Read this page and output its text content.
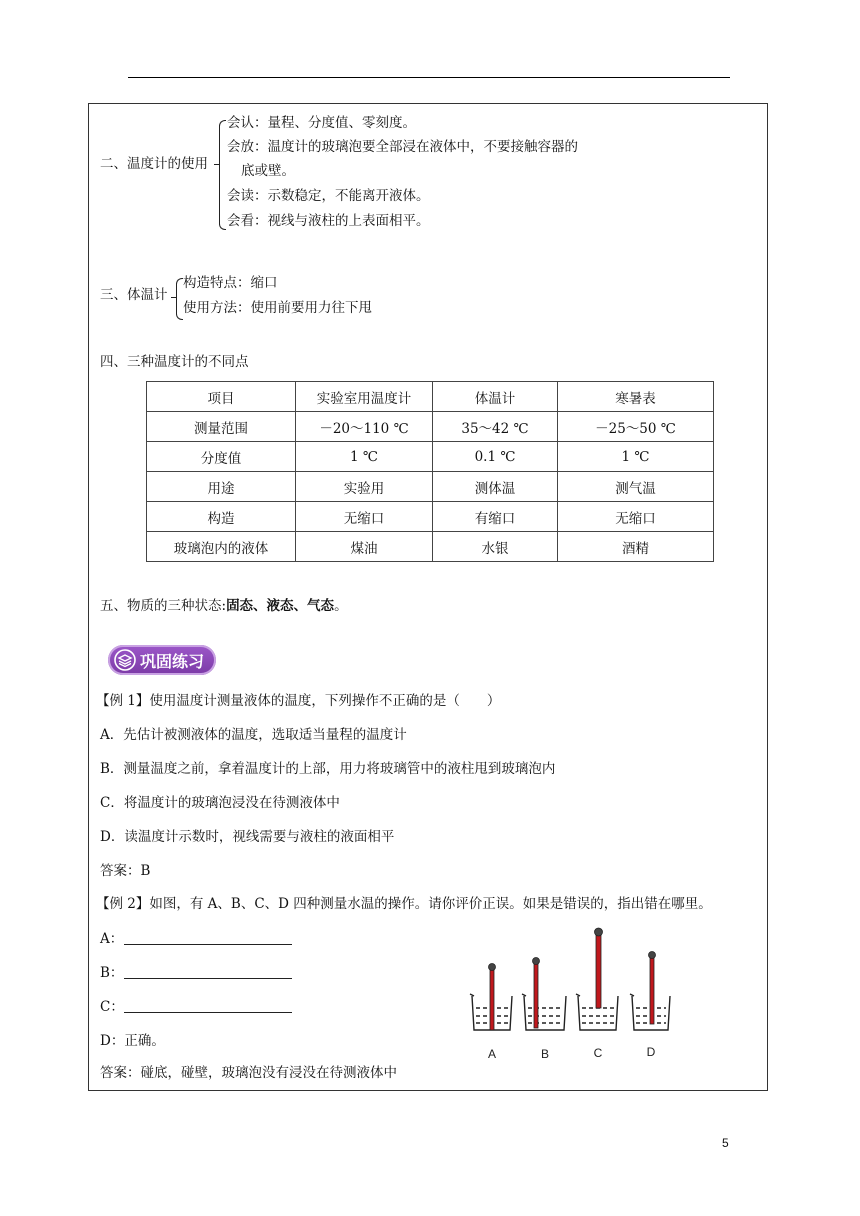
二、温度计的使用
会认：量程、分度值、零刻度。
会放：温度计的玻璃泡要全部浸在液体中，不要接触容器的
底或壁。
会读：示数稳定，不能离开液体。
会看：视线与液柱的上表面相平。
三、体温计
构造特点：缩口
使用方法：使用前要用力往下甩
四、三种温度计的不同点
项目	实验室用温度计	体温计	寒暑表
测量范围	－20～110 ℃	35～42 ℃	－25～50 ℃
分度值	1 ℃	0.1 ℃	1 ℃
用途	实验用	测体温	测气温
构造	无缩口	有缩口	无缩口
玻璃泡内的液体	煤油	水银	酒精
五、物质的三种状态:固态、液态、气态。
巩固练习
【例 1】使用温度计测量液体的温度，下列操作不正确的是（　　）
A．先估计被测液体的温度，选取适当量程的温度计
B．测量温度之前，拿着温度计的上部，用力将玻璃管中的液柱甩到玻璃泡内
C．将温度计的玻璃泡浸没在待测液体中
D．读温度计示数时，视线需要与液柱的液面相平
答案：B
【例 2】如图，有 A、B、C、D 四种测量水温的操作。请你评价正误。如果是错误的，指出错在哪里。
A：
B：
C：
D：正确。
答案：碰底，碰壁，玻璃泡没有浸没在待测液体中
A	B	C	D
5
